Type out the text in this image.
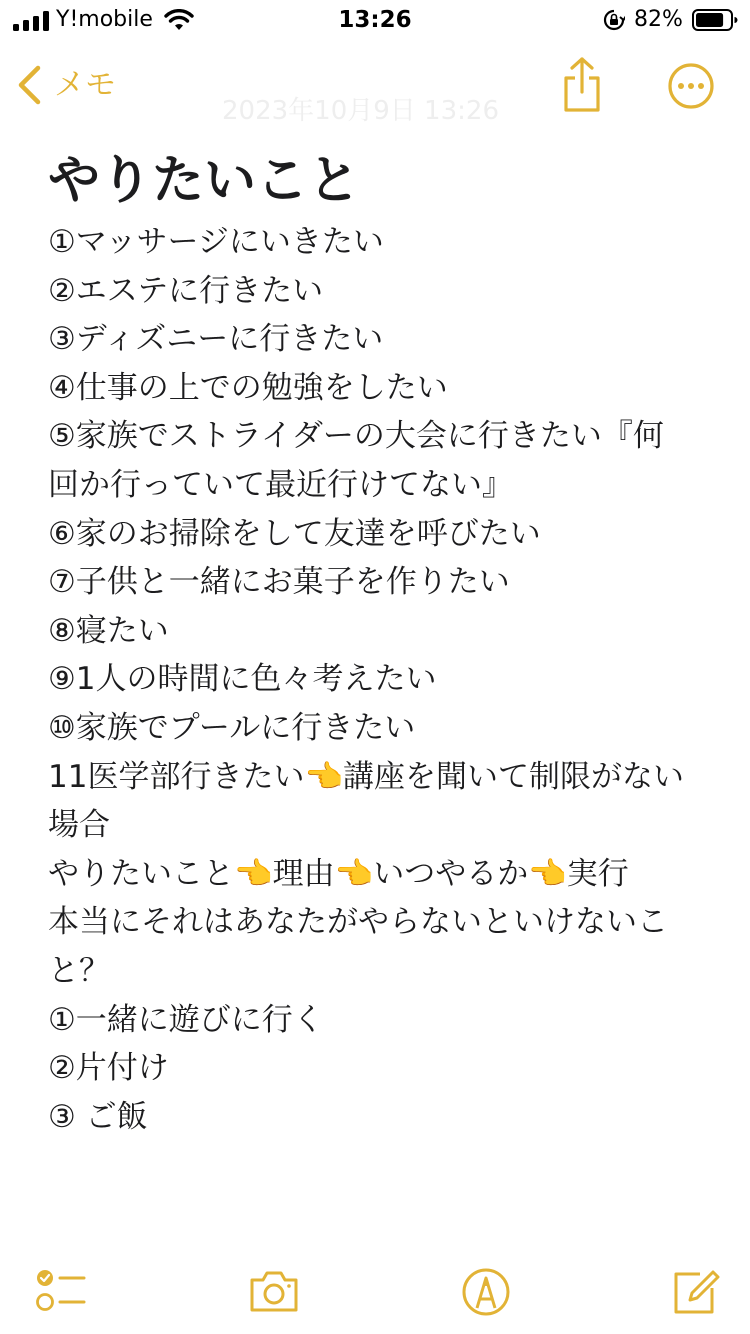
Y!mobile	13:26	82%
メモ
2023年10月9日 13:26
やりたいこと

①マッサージにいきたい

②エステに行きたい

③ディズニーに行きたい

④仕事の上での勉強をしたい

⑤家族でストライダーの大会に行きたい『何

回か行っていて最近行けてない』

⑥家のお掃除をして友達を呼びたい

⑦子供と一緒にお菓子を作りたい

⑧寝たい

⑨1人の時間に色々考えたい

⑩家族でプールに行きたい

11医学部行きたい👈講座を聞いて制限がない

場合

やりたいこと👈理由👈いつやるか👈実行

本当にそれはあなたがやらないといけないこ

と？

①一緒に遊びに行く

②片付け

③ ご飯
